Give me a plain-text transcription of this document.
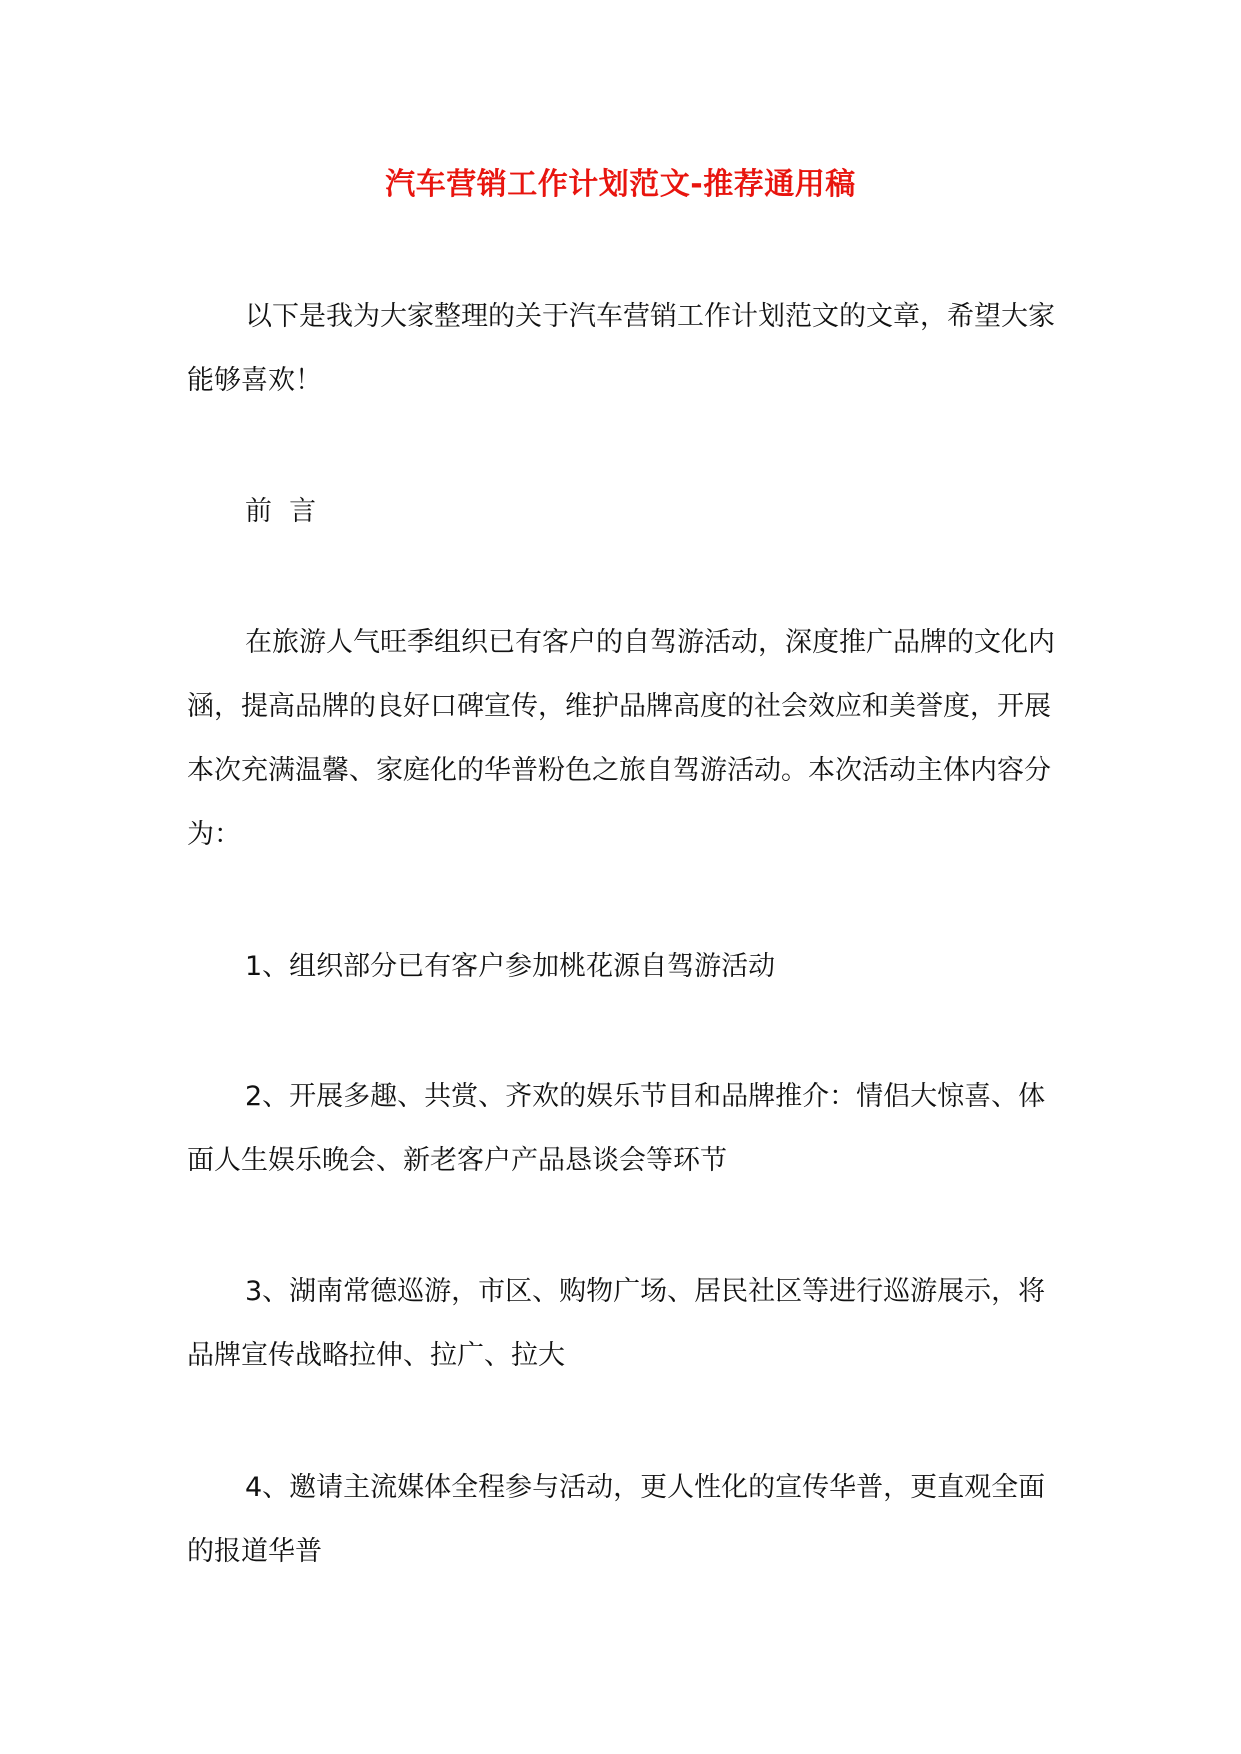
汽车营销工作计划范文-推荐通用稿

以下是我为大家整理的关于汽车营销工作计划范文的文章，希望大家能够喜欢！

前  言

在旅游人气旺季组织已有客户的自驾游活动，深度推广品牌的文化内涵，提高品牌的良好口碑宣传，维护品牌高度的社会效应和美誉度，开展本次充满温馨、家庭化的华普粉色之旅自驾游活动。本次活动主体内容分为：

1、组织部分已有客户参加桃花源自驾游活动

2、开展多趣、共赏、齐欢的娱乐节目和品牌推介：情侣大惊喜、体面人生娱乐晚会、新老客户产品恳谈会等环节

3、湖南常德巡游，市区、购物广场、居民社区等进行巡游展示，将品牌宣传战略拉伸、拉广、拉大

4、邀请主流媒体全程参与活动，更人性化的宣传华普，更直观全面的报道华普
